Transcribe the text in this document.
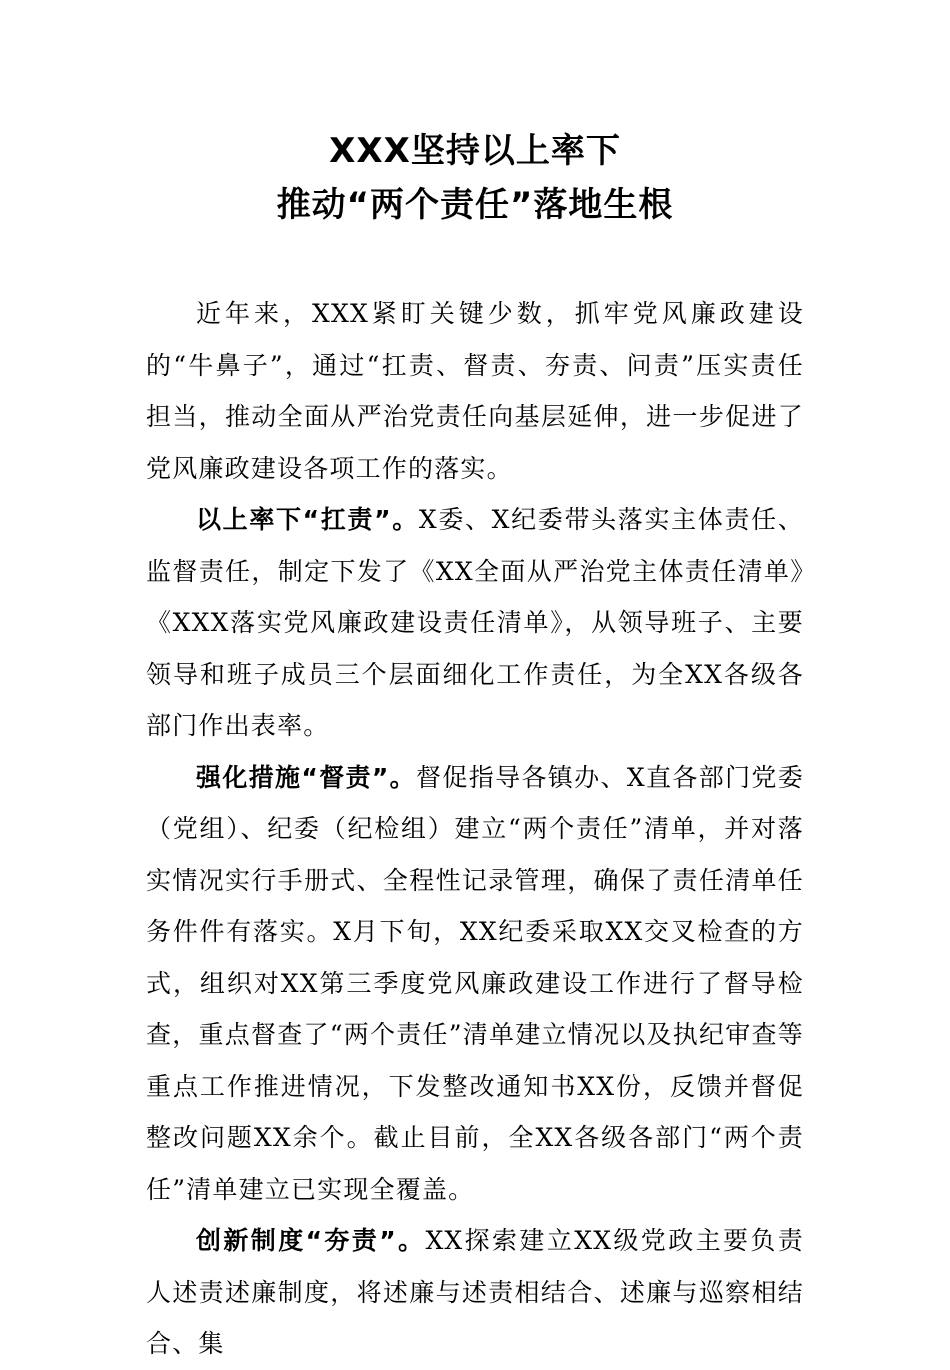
XXX坚持以上率下
推动“两个责任”落地生根

近年来，XXX紧盯关键少数，抓牢党风廉政建设的“牛鼻子”，通过“扛责、督责、夯责、问责”压实责任担当，推动全面从严治党责任向基层延伸，进一步促进了党风廉政建设各项工作的落实。

以上率下“扛责”。X委、X纪委带头落实主体责任、监督责任，制定下发了《XX全面从严治党主体责任清单》《XXX落实党风廉政建设责任清单》，从领导班子、主要领导和班子成员三个层面细化工作责任，为全XX各级各部门作出表率。

强化措施“督责”。督促指导各镇办、X直各部门党委（党组）、纪委（纪检组）建立“两个责任”清单，并对落实情况实行手册式、全程性记录管理，确保了责任清单任务件件有落实。X月下旬，XX纪委采取XX交叉检查的方式，组织对XX第三季度党风廉政建设工作进行了督导检查，重点督查了“两个责任”清单建立情况以及执纪审查等重点工作推进情况，下发整改通知书XX份，反馈并督促整改问题XX余个。截止目前，全XX各级各部门“两个责任”清单建立已实现全覆盖。

创新制度“夯责”。XX探索建立XX级党政主要负责人述责述廉制度，将述廉与述责相结合、述廉与巡察相结合、集
